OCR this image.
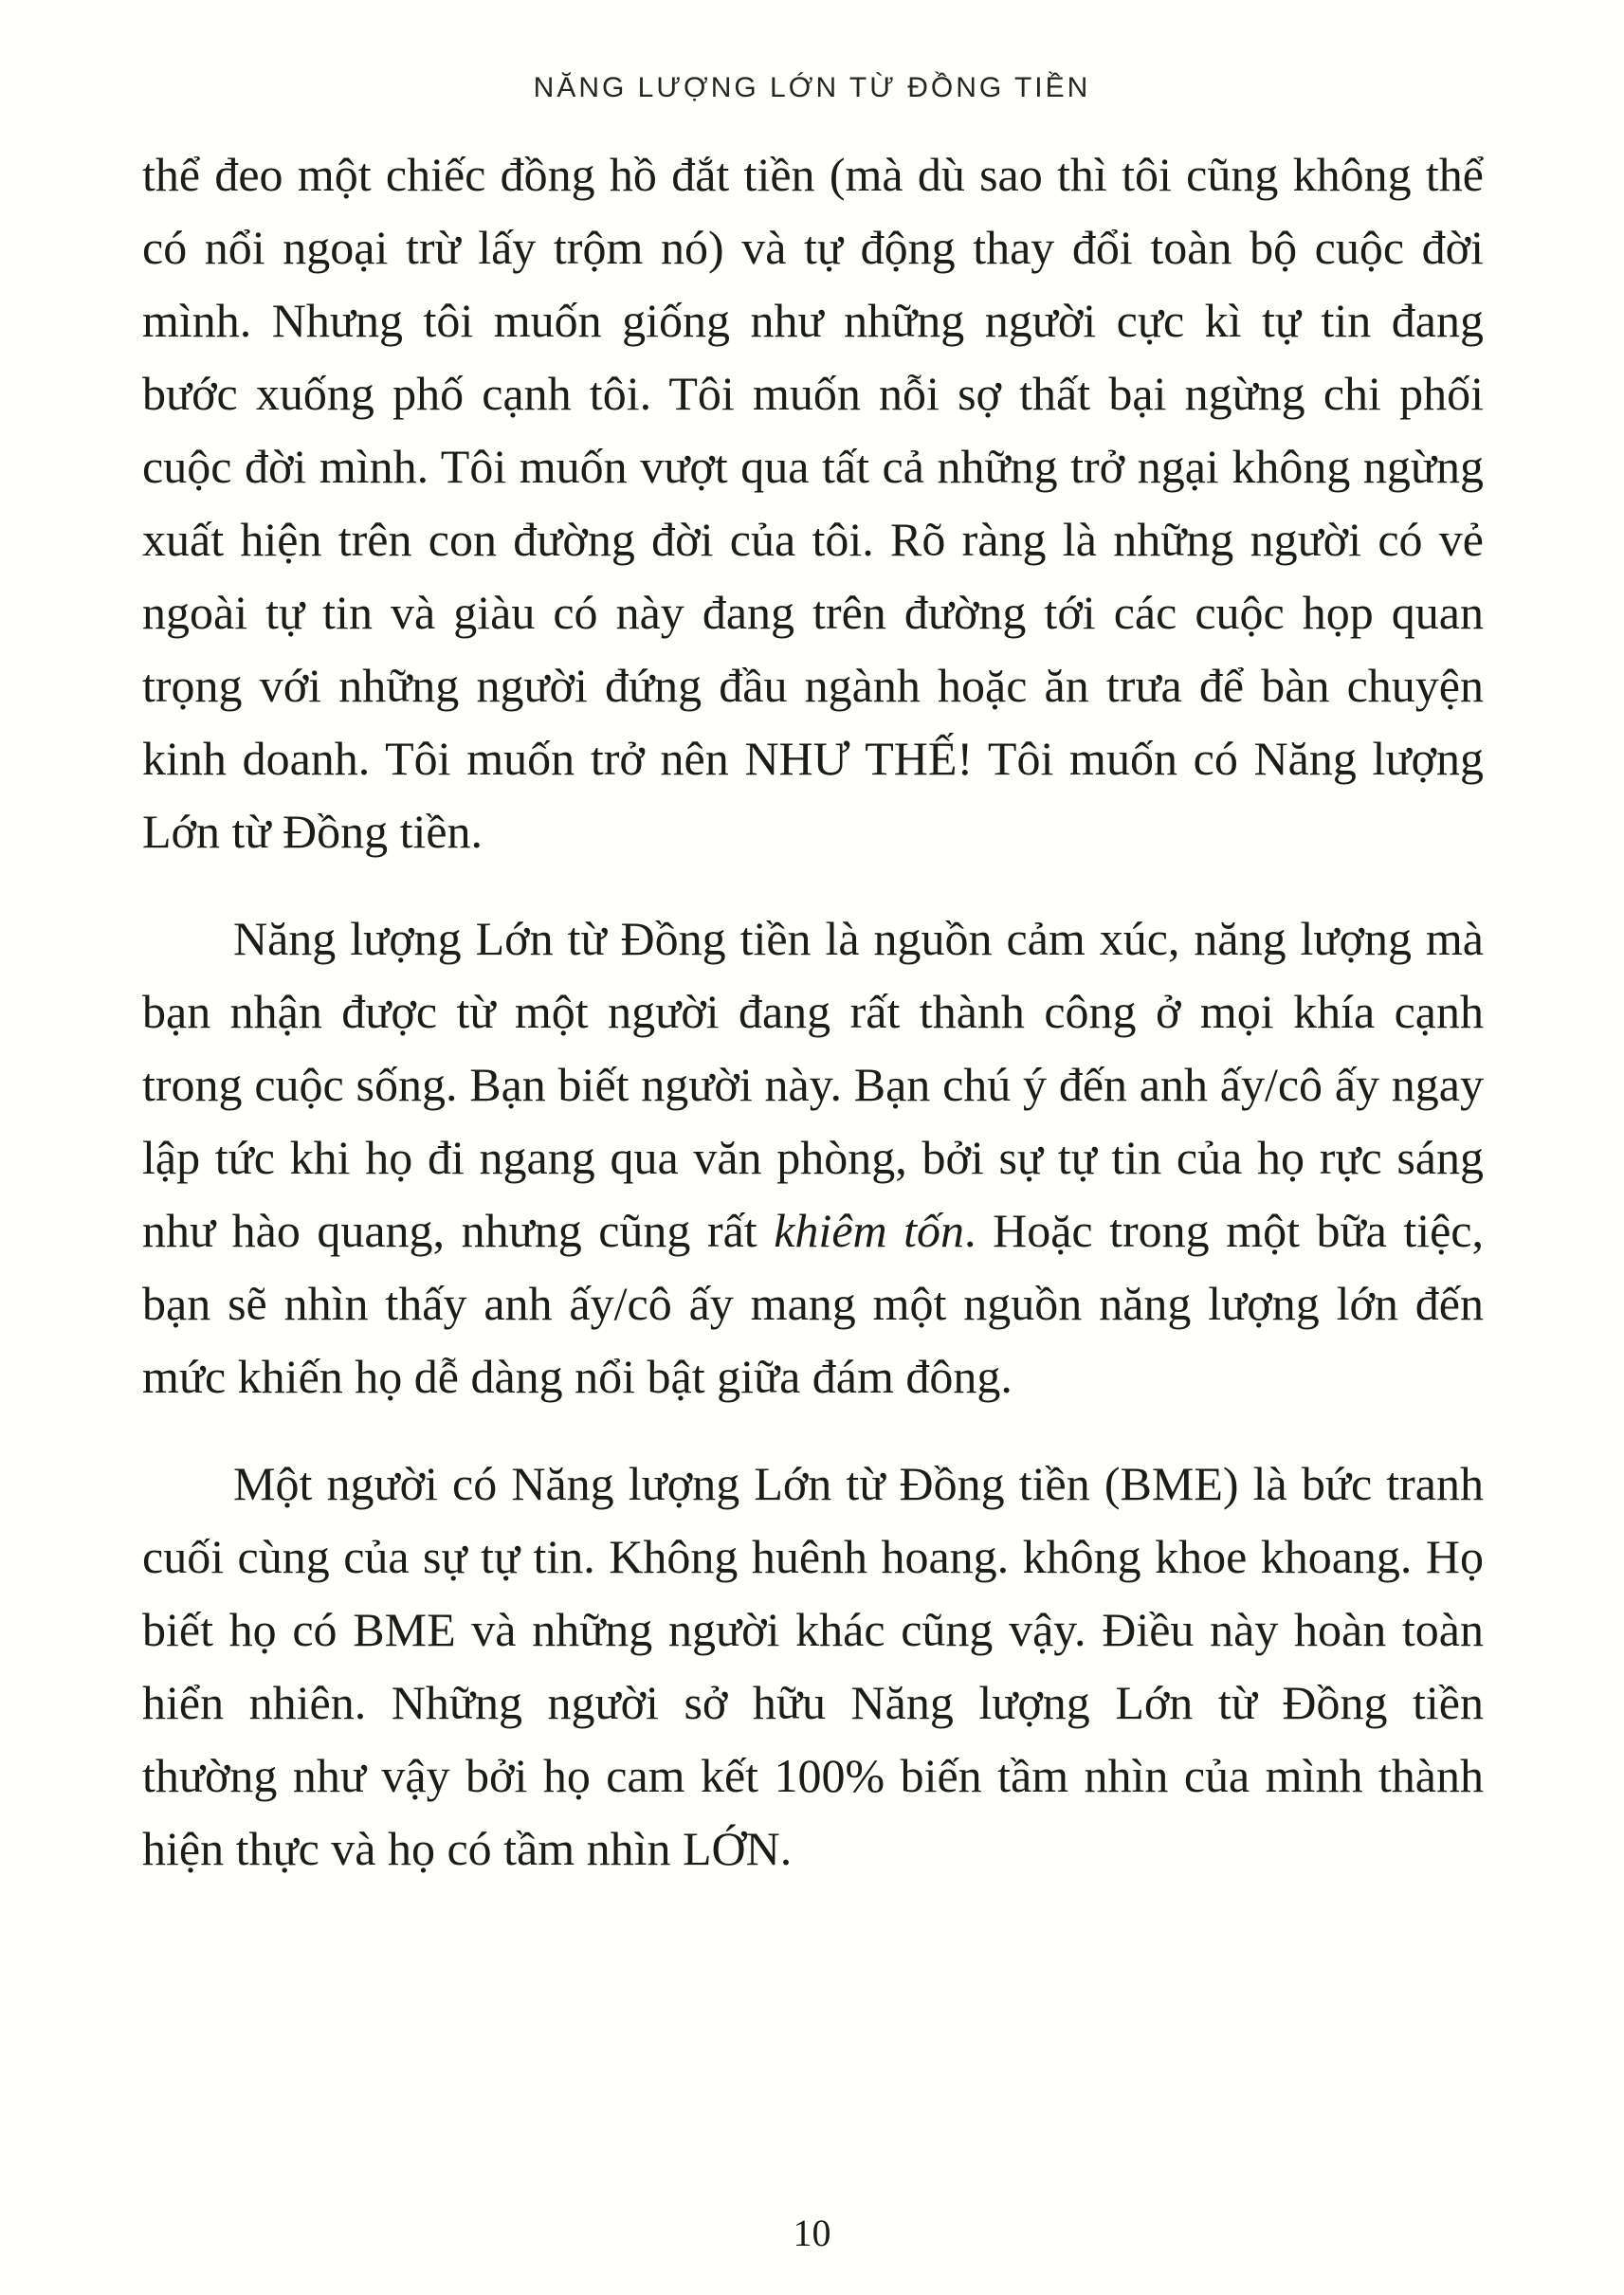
NĂNG LƯỢNG LỚN TỪ ĐỒNG TIỀN

thể đeo một chiếc đồng hồ đắt tiền (mà dù sao thì tôi cũng không thể có nổi ngoại trừ lấy trộm nó) và tự động thay đổi toàn bộ cuộc đời mình. Nhưng tôi muốn giống như những người cực kì tự tin đang bước xuống phố cạnh tôi. Tôi muốn nỗi sợ thất bại ngừng chi phối cuộc đời mình. Tôi muốn vượt qua tất cả những trở ngại không ngừng xuất hiện trên con đường đời của tôi. Rõ ràng là những người có vẻ ngoài tự tin và giàu có này đang trên đường tới các cuộc họp quan trọng với những người đứng đầu ngành hoặc ăn trưa để bàn chuyện kinh doanh. Tôi muốn trở nên NHƯ THẾ! Tôi muốn có Năng lượng Lớn từ Đồng tiền.

Năng lượng Lớn từ Đồng tiền là nguồn cảm xúc, năng lượng mà bạn nhận được từ một người đang rất thành công ở mọi khía cạnh trong cuộc sống. Bạn biết người này. Bạn chú ý đến anh ấy/cô ấy ngay lập tức khi họ đi ngang qua văn phòng, bởi sự tự tin của họ rực sáng như hào quang, nhưng cũng rất khiêm tốn. Hoặc trong một bữa tiệc, bạn sẽ nhìn thấy anh ấy/cô ấy mang một nguồn năng lượng lớn đến mức khiến họ dễ dàng nổi bật giữa đám đông.

Một người có Năng lượng Lớn từ Đồng tiền (BME) là bức tranh cuối cùng của sự tự tin. Không huênh hoang. không khoe khoang. Họ biết họ có BME và những người khác cũng vậy. Điều này hoàn toàn hiển nhiên. Những người sở hữu Năng lượng Lớn từ Đồng tiền thường như vậy bởi họ cam kết 100% biến tầm nhìn của mình thành hiện thực và họ có tầm nhìn LỚN.

10
